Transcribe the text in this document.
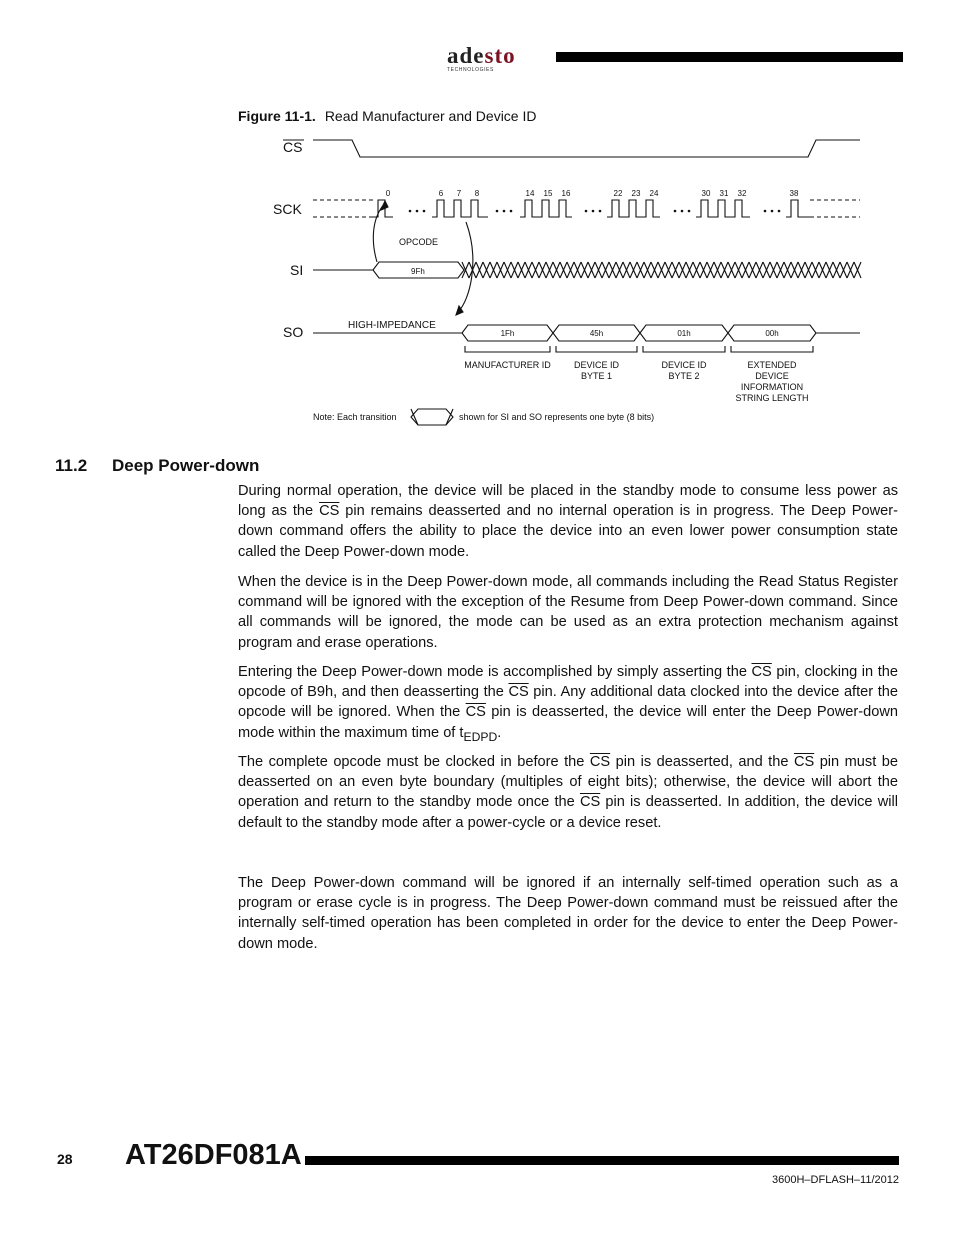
adesto
TECHNOLOGIES
Figure 11-1. Read Manufacturer and Device ID
CS
SCK
SI
SO
0	6 7 8	14 15 16	22 23 24	30 31 32	38
OPCODE
9Fh
HIGH-IMPEDANCE
1Fh	45h	01h	00h
MANUFACTURER ID	DEVICE ID
BYTE 1
DEVICE ID
BYTE 2
EXTENDED
DEVICE
INFORMATION
STRING LENGTH
Note: Each transition	shown for SI and SO represents one byte (8 bits)
11.2 Deep Power-down

During normal operation, the device will be placed in the standby mode to consume less power as long as the $\overline{CS}$ pin remains deasserted and no internal operation is in progress. The Deep Power-down command offers the ability to place the device into an even lower power consumption state called the Deep Power-down mode.

When the device is in the Deep Power-down mode, all commands including the Read Status Register command will be ignored with the exception of the Resume from Deep Power-down command. Since all commands will be ignored, the mode can be used as an extra protection mechanism against program and erase operations.

Entering the Deep Power-down mode is accomplished by simply asserting the $\overline{CS}$ pin, clocking in the opcode of B9h, and then deasserting the $\overline{CS}$ pin. Any additional data clocked into the device after the opcode will be ignored. When the $\overline{CS}$ pin is deasserted, the device will enter the Deep Power-down mode within the maximum time of $t_{EDPD}$.

The complete opcode must be clocked in before the $\overline{CS}$ pin is deasserted, and the $\overline{CS}$ pin must be deasserted on an even byte boundary (multiples of eight bits); otherwise, the device will abort the operation and return to the standby mode once the $\overline{CS}$ pin is deasserted. In addition, the device will default to the standby mode after a power-cycle or a device reset.

The Deep Power-down command will be ignored if an internally self-timed operation such as a program or erase cycle is in progress. The Deep Power-down command must be reissued after the internally self-timed operation has been completed in order for the device to enter the Deep Power-down mode.

28 AT26DF081A
3600H–DFLASH–11/2012
